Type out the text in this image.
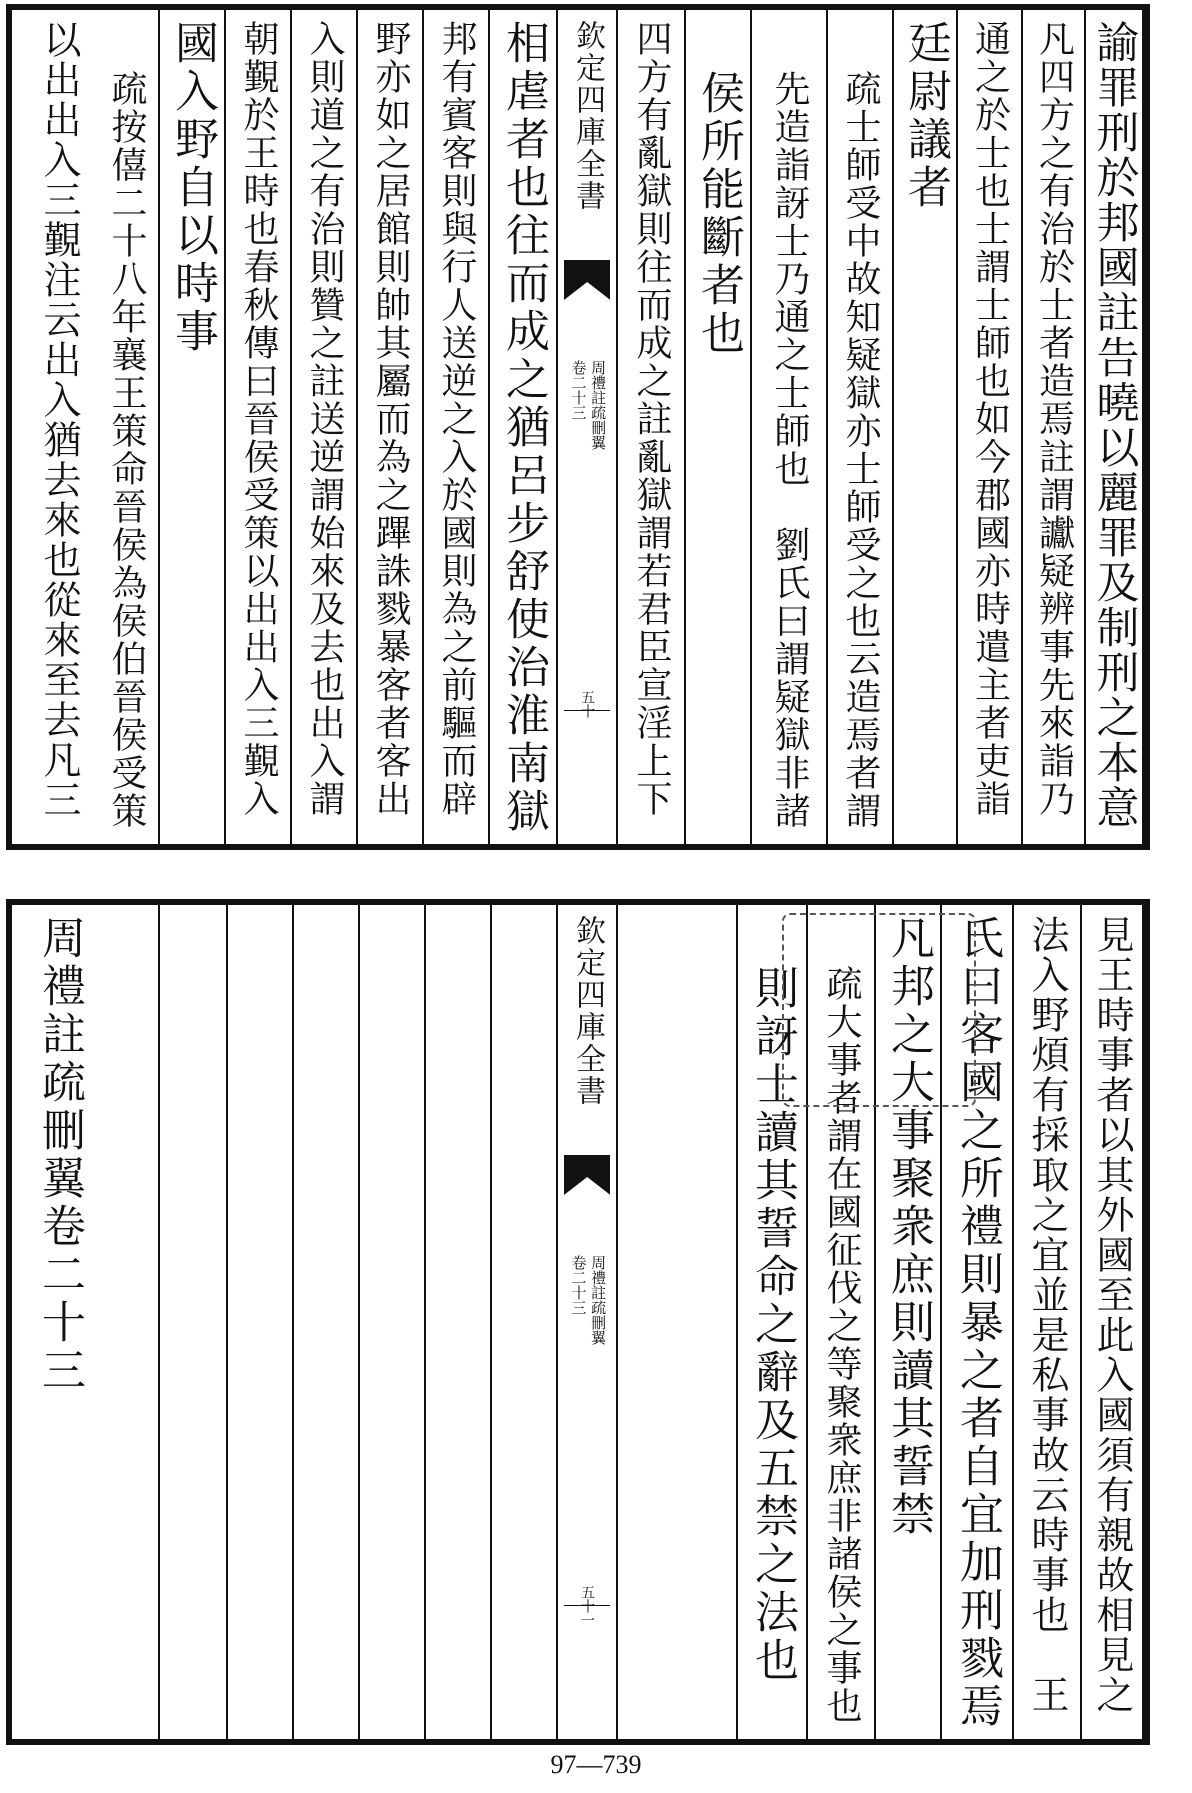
諭罪刑於邦國註告曉以麗罪及制刑之本意
凡四方之有治於士者造焉註謂讞疑辨事先來詣乃
通之於士也士謂士師也如今郡國亦時遣主者吏詣
廷尉議者
疏士師受中故知疑獄亦士師受之也云造焉者謂
先造詣訝士乃通之士師也　劉氏曰謂疑獄非諸
侯所能斷者也
四方有亂獄則往而成之註亂獄謂若君臣宣淫上下
欽定四庫全書
周禮註疏刪翼
卷二十三
五十
相虐者也往而成之猶呂步舒使治淮南獄
邦有賓客則與行人送逆之入於國則為之前驅而辟
野亦如之居館則帥其屬而為之蹕誅戮暴客者客出
入則道之有治則贊之註送逆謂始來及去也出入謂
朝覲於王時也春秋傳曰晉侯受策以出出入三覲入
國入野自以時事
疏按僖二十八年襄王策命晉侯為侯伯晉侯受策
以出出入三覲注云出入猶去來也從來至去凡三
見王時事者以其外國至此入國須有親故相見之
法入野煩有採取之宜並是私事故云時事也　王
氏曰客國之所禮則暴之者自宜加刑戮焉
凡邦之大事聚衆庶則讀其誓禁
疏大事者謂在國征伐之等聚衆庶非諸侯之事也
則訝士讀其誓命之辭及五禁之法也
欽定四庫全書
周禮註疏刪翼
卷二十三
五十一
周禮註疏刪翼卷二十三
97—739
